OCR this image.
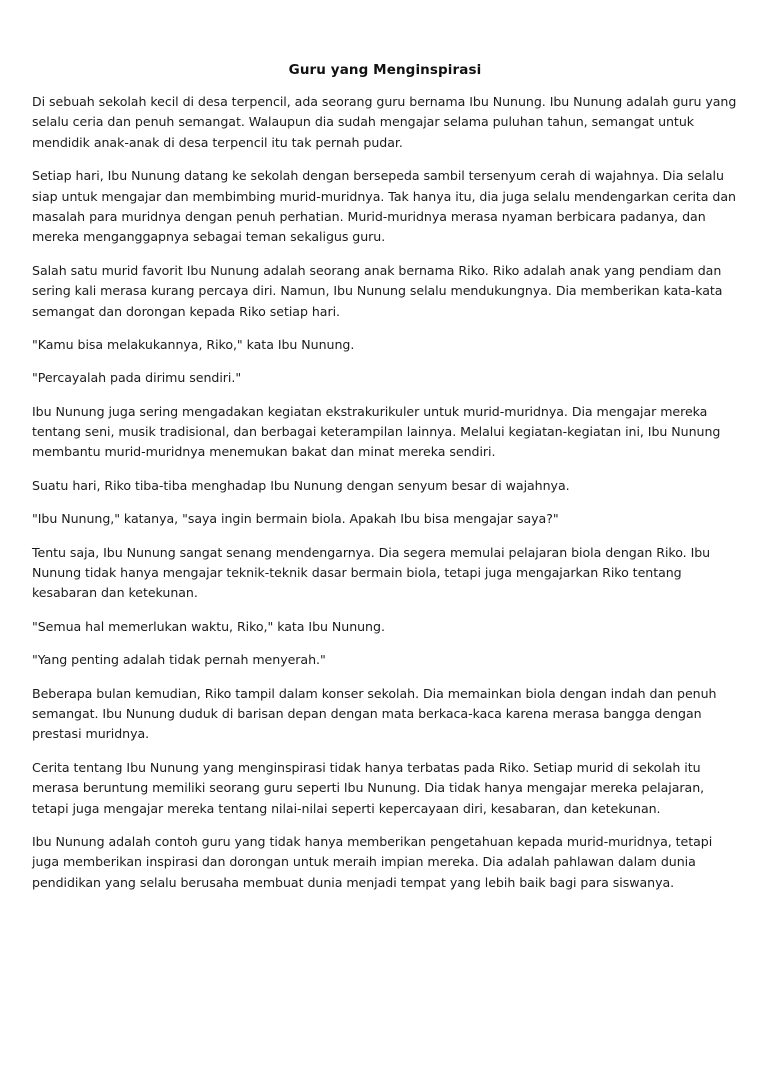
Guru yang Menginspirasi

Di sebuah sekolah kecil di desa terpencil, ada seorang guru bernama Ibu Nunung. Ibu Nunung adalah guru yang selalu ceria dan penuh semangat. Walaupun dia sudah mengajar selama puluhan tahun, semangat untuk mendidik anak-anak di desa terpencil itu tak pernah pudar.

Setiap hari, Ibu Nunung datang ke sekolah dengan bersepeda sambil tersenyum cerah di wajahnya. Dia selalu siap untuk mengajar dan membimbing murid-muridnya. Tak hanya itu, dia juga selalu mendengarkan cerita dan masalah para muridnya dengan penuh perhatian. Murid-muridnya merasa nyaman berbicara padanya, dan mereka menganggapnya sebagai teman sekaligus guru.

Salah satu murid favorit Ibu Nunung adalah seorang anak bernama Riko. Riko adalah anak yang pendiam dan sering kali merasa kurang percaya diri. Namun, Ibu Nunung selalu mendukungnya. Dia memberikan kata-kata semangat dan dorongan kepada Riko setiap hari.

"Kamu bisa melakukannya, Riko," kata Ibu Nunung.

"Percayalah pada dirimu sendiri."

Ibu Nunung juga sering mengadakan kegiatan ekstrakurikuler untuk murid-muridnya. Dia mengajar mereka tentang seni, musik tradisional, dan berbagai keterampilan lainnya. Melalui kegiatan-kegiatan ini, Ibu Nunung membantu murid-muridnya menemukan bakat dan minat mereka sendiri.

Suatu hari, Riko tiba-tiba menghadap Ibu Nunung dengan senyum besar di wajahnya.

"Ibu Nunung," katanya, "saya ingin bermain biola. Apakah Ibu bisa mengajar saya?"

Tentu saja, Ibu Nunung sangat senang mendengarnya. Dia segera memulai pelajaran biola dengan Riko. Ibu Nunung tidak hanya mengajar teknik-teknik dasar bermain biola, tetapi juga mengajarkan Riko tentang kesabaran dan ketekunan.

"Semua hal memerlukan waktu, Riko," kata Ibu Nunung.

"Yang penting adalah tidak pernah menyerah."

Beberapa bulan kemudian, Riko tampil dalam konser sekolah. Dia memainkan biola dengan indah dan penuh semangat. Ibu Nunung duduk di barisan depan dengan mata berkaca-kaca karena merasa bangga dengan prestasi muridnya.

Cerita tentang Ibu Nunung yang menginspirasi tidak hanya terbatas pada Riko. Setiap murid di sekolah itu merasa beruntung memiliki seorang guru seperti Ibu Nunung. Dia tidak hanya mengajar mereka pelajaran, tetapi juga mengajar mereka tentang nilai-nilai seperti kepercayaan diri, kesabaran, dan ketekunan.

Ibu Nunung adalah contoh guru yang tidak hanya memberikan pengetahuan kepada murid-muridnya, tetapi juga memberikan inspirasi dan dorongan untuk meraih impian mereka. Dia adalah pahlawan dalam dunia pendidikan yang selalu berusaha membuat dunia menjadi tempat yang lebih baik bagi para siswanya.
